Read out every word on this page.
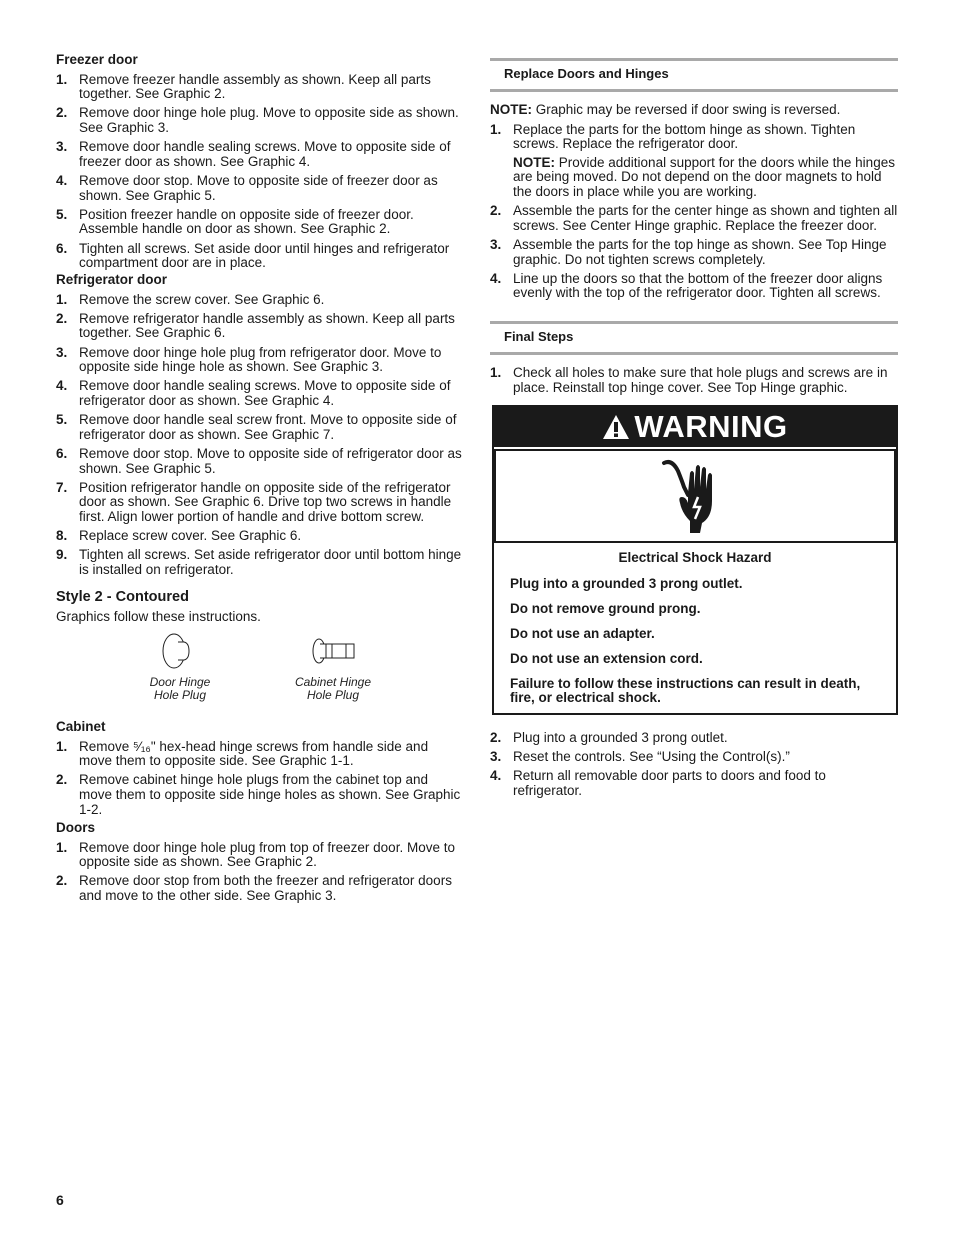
Freezer door
1. Remove freezer handle assembly as shown. Keep all parts together. See Graphic 2.
2. Remove door hinge hole plug. Move to opposite side as shown. See Graphic 3.
3. Remove door handle sealing screws. Move to opposite side of freezer door as shown. See Graphic 4.
4. Remove door stop. Move to opposite side of freezer door as shown. See Graphic 5.
5. Position freezer handle on opposite side of freezer door. Assemble handle on door as shown. See Graphic 2.
6. Tighten all screws. Set aside door until hinges and refrigerator compartment door are in place.
Refrigerator door
1. Remove the screw cover. See Graphic 6.
2. Remove refrigerator handle assembly as shown. Keep all parts together. See Graphic 6.
3. Remove door hinge hole plug from refrigerator door. Move to opposite side hinge hole as shown. See Graphic 3.
4. Remove door handle sealing screws. Move to opposite side of refrigerator door as shown. See Graphic 4.
5. Remove door handle seal screw front. Move to opposite side of refrigerator door as shown. See Graphic 7.
6. Remove door stop. Move to opposite side of refrigerator door as shown. See Graphic 5.
7. Position refrigerator handle on opposite side of the refrigerator door as shown. See Graphic 6. Drive top two screws in handle first. Align lower portion of handle and drive bottom screw.
8. Replace screw cover. See Graphic 6.
9. Tighten all screws. Set aside refrigerator door until bottom hinge is installed on refrigerator.
Style 2 - Contoured
Graphics follow these instructions.
Door Hinge
Hole Plug
Cabinet Hinge
Hole Plug
Cabinet
1. Remove ⁵⁄₁₆" hex-head hinge screws from handle side and move them to opposite side. See Graphic 1-1.
2. Remove cabinet hinge hole plugs from the cabinet top and move them to opposite side hinge holes as shown. See Graphic 1-2.
Doors
1. Remove door hinge hole plug from top of freezer door. Move to opposite side as shown. See Graphic 2.
2. Remove door stop from both the freezer and refrigerator doors and move to the other side. See Graphic 3.
Replace Doors and Hinges
NOTE: Graphic may be reversed if door swing is reversed.
1. Replace the parts for the bottom hinge as shown. Tighten screws. Replace the refrigerator door.
NOTE: Provide additional support for the doors while the hinges are being moved. Do not depend on the door magnets to hold the doors in place while you are working.
2. Assemble the parts for the center hinge as shown and tighten all screws. See Center Hinge graphic. Replace the freezer door.
3. Assemble the parts for the top hinge as shown. See Top Hinge graphic. Do not tighten screws completely.
4. Line up the doors so that the bottom of the freezer door aligns evenly with the top of the refrigerator door. Tighten all screws.
Final Steps
1. Check all holes to make sure that hole plugs and screws are in place. Reinstall top hinge cover. See Top Hinge graphic.
WARNING

Electrical Shock Hazard

Plug into a grounded 3 prong outlet.

Do not remove ground prong.

Do not use an adapter.

Do not use an extension cord.

Failure to follow these instructions can result in death, fire, or electrical shock.

2. Plug into a grounded 3 prong outlet.
3. Reset the controls. See “Using the Control(s).”
4. Return all removable door parts to doors and food to refrigerator.
6
